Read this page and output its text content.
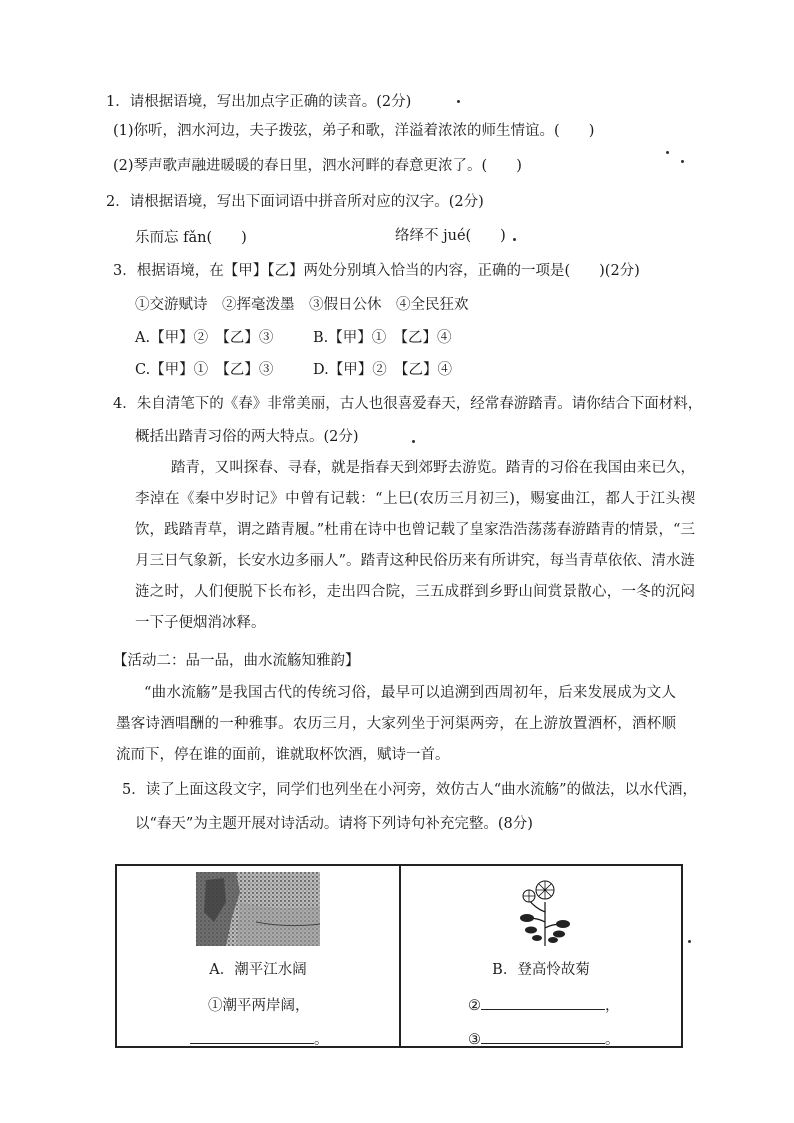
1．请根据语境，写出加点字正确的读音。(2分)
(1)你听，泗水河边，夫子拨弦，弟子和歌，洋溢着浓浓的师生情谊。(　　)
(2)琴声歌声融进暖暖的春日里，泗水河畔的春意更浓了。(　　)
2．请根据语境，写出下面词语中拼音所对应的汉字。(2分)
乐而忘 fǎn(　　)	络绎不 jué(　　)
3．根据语境，在【甲】【乙】两处分别填入恰当的内容，正确的一项是(　　)(2分)
①交游赋诗　②挥毫泼墨　③假日公休　④全民狂欢
A.【甲】②　【乙】③	B.【甲】①　【乙】④
C.【甲】①　【乙】③	D.【甲】②　【乙】④
4．朱自清笔下的《春》非常美丽，古人也很喜爱春天，经常春游踏青。请你结合下面材料，
概括出踏青习俗的两大特点。(2分)
踏青，又叫探春、寻春，就是指春天到郊野去游览。踏青的习俗在我国由来已久，李淖在《秦中岁时记》中曾有记载：“上巳(农历三月初三)，赐宴曲江，都人于江头禊饮，践踏青草，谓之踏青履。”杜甫在诗中也曾记载了皇家浩浩荡荡春游踏青的情景，“三月三日气象新，长安水边多丽人”。踏青这种民俗历来有所讲究，每当青草依依、清水涟涟之时，人们便脱下长布衫，走出四合院，三五成群到乡野山间赏景散心，一冬的沉闷一下子便烟消冰释。
【活动二：品一品，曲水流觞知雅韵】
“曲水流觞”是我国古代的传统习俗，最早可以追溯到西周初年，后来发展成为文人墨客诗酒唱酬的一种雅事。农历三月，大家列坐于河渠两旁，在上游放置酒杯，酒杯顺流而下，停在谁的面前，谁就取杯饮酒，赋诗一首。
5．读了上面这段文字，同学们也列坐在小河旁，效仿古人“曲水流觞”的做法，以水代酒，
以“春天”为主题开展对诗活动。请将下列诗句补充完整。(8分)
A．潮平江水阔
①潮平两岸阔，
。
B．登高怜故菊
②	，
③	。
